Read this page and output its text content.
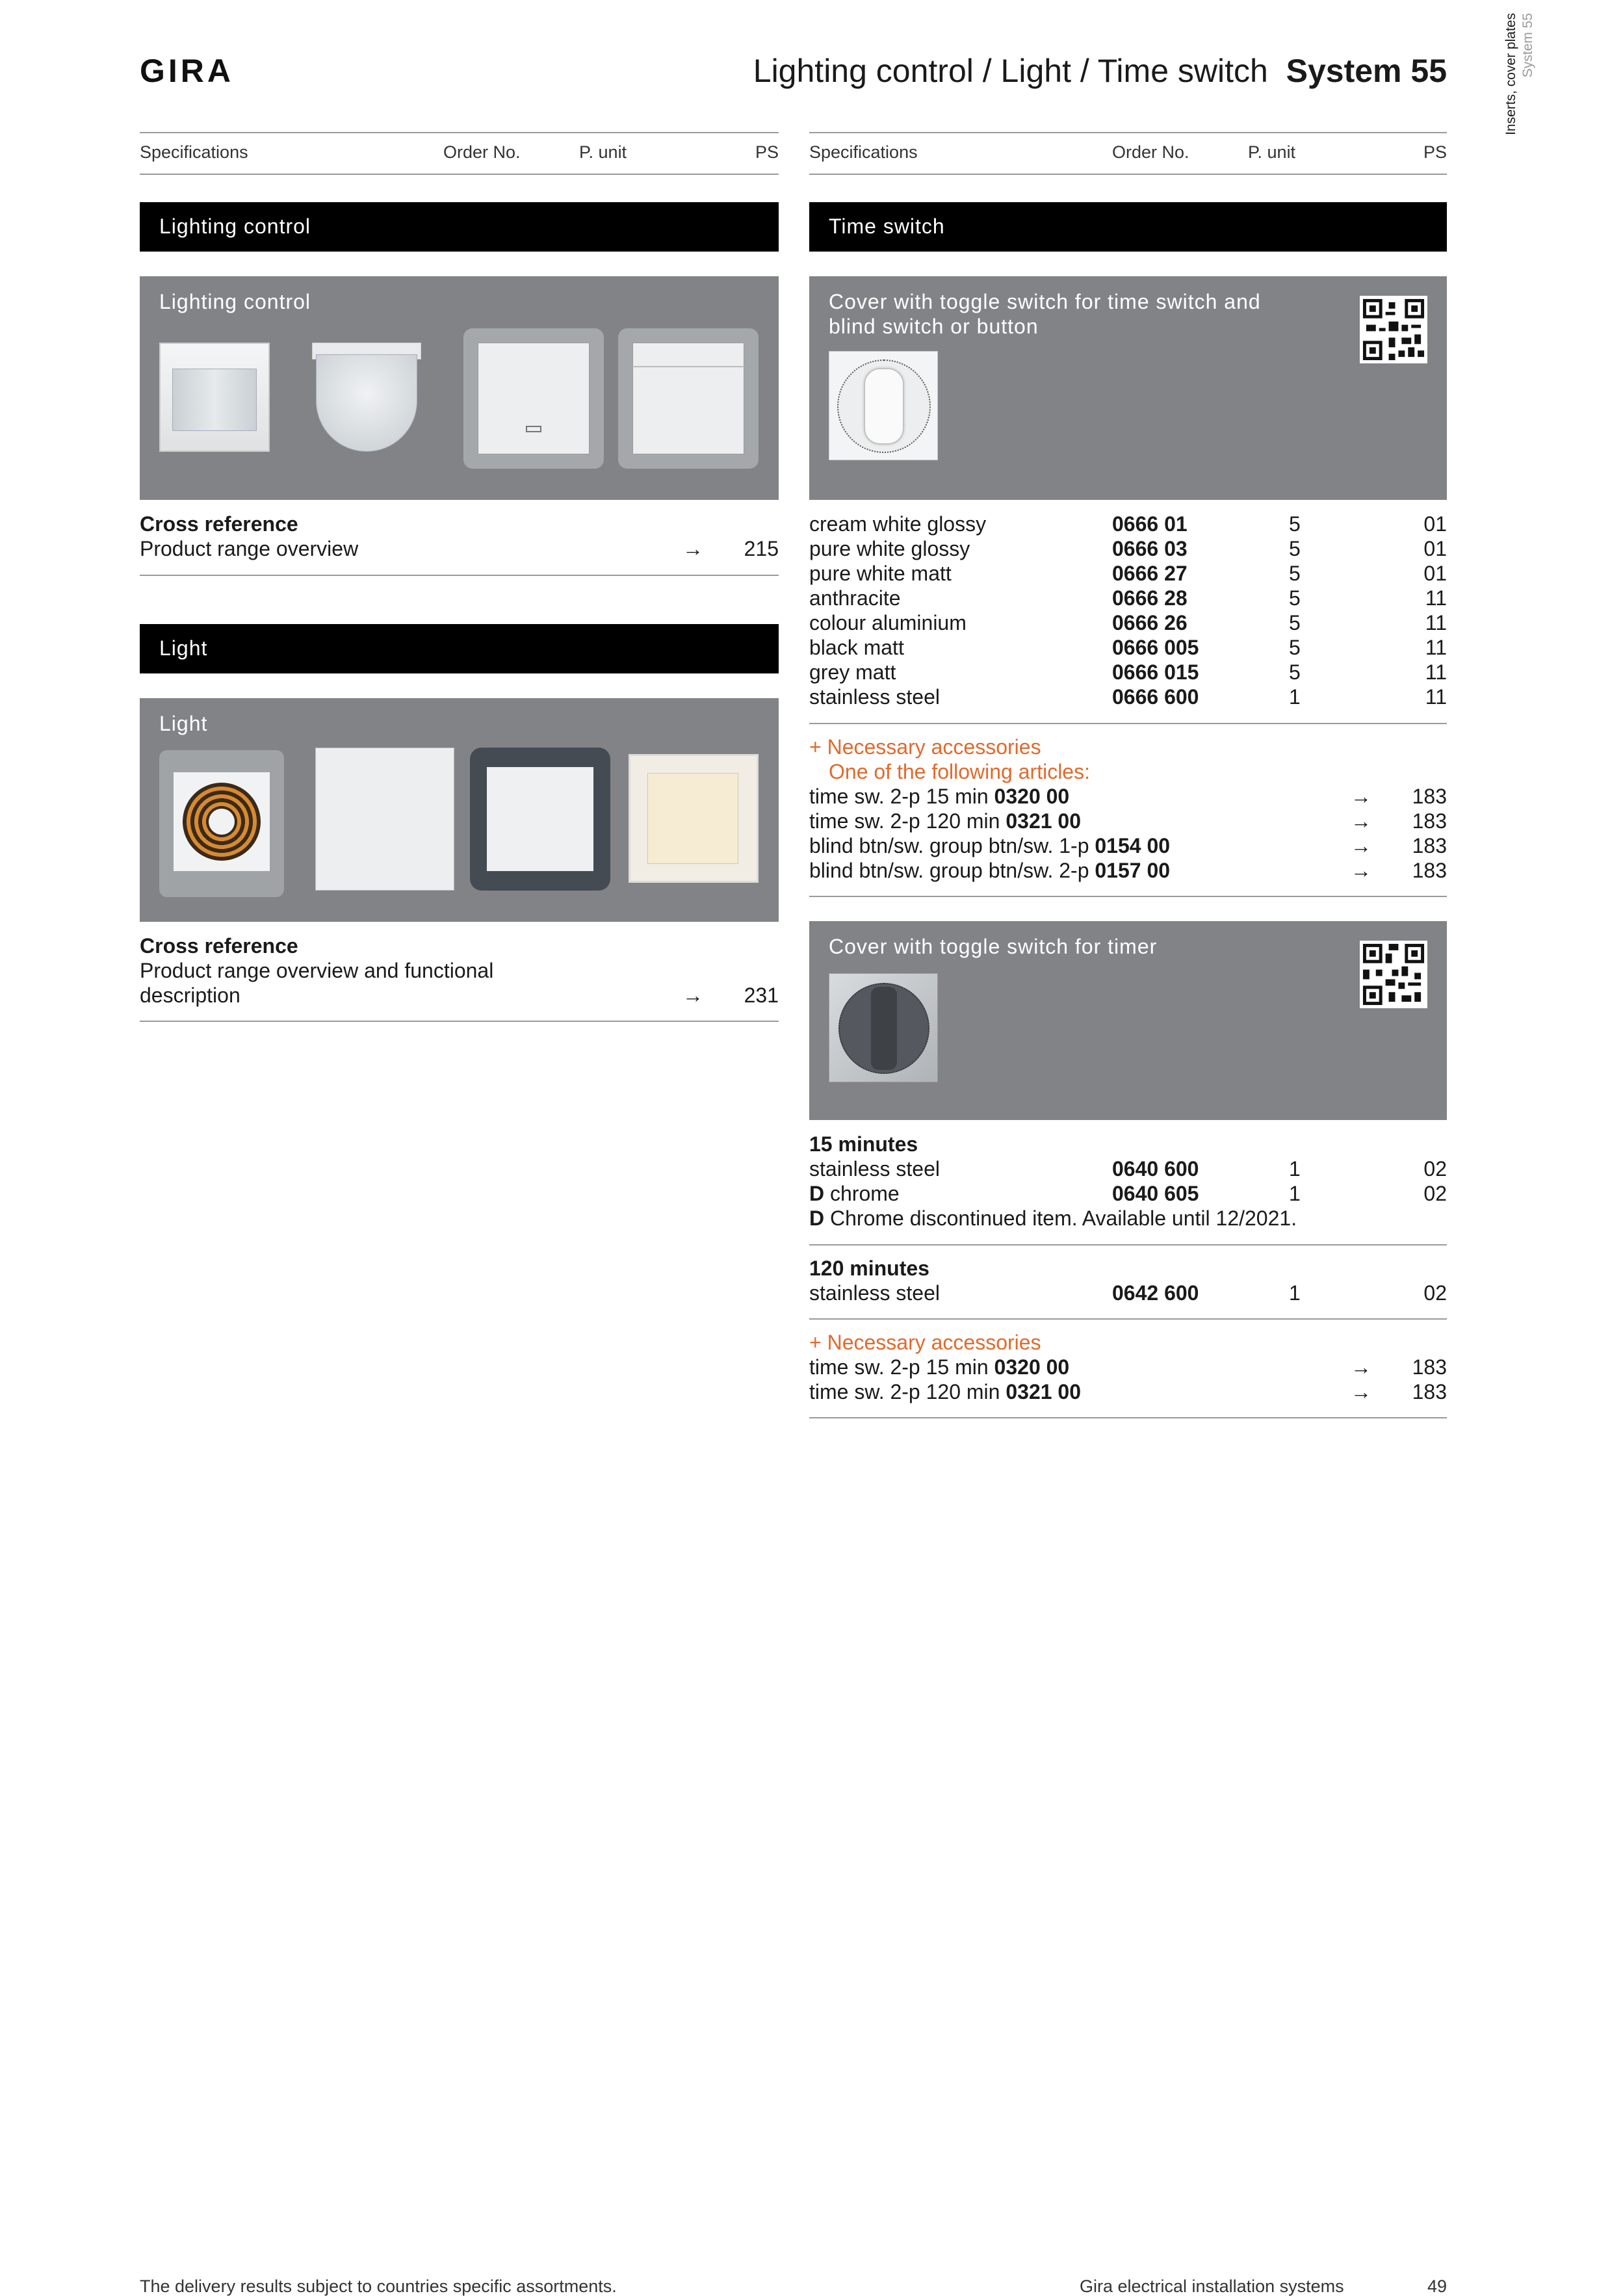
GIRA	Lighting control / Light / Time switch System 55	Inserts, cover plates System 55
Specifications	Order No.	P. unit	PS Specifications	Order No.	P. unit	PS
Lighting control
Lighting control
Cross reference
Product range overview	→ 215
Light
Light
Cross reference
Product range overview and functional
description	→ 231
Time switch
Cover with toggle switch for time switch and
blind switch or button
cream white glossy	0666 01	5	01
pure white glossy	0666 03	5	01
pure white matt	0666 27	5	01
anthracite	0666 28	5	11
colour aluminium	0666 26	5	11
black matt	0666 005	5	11
grey matt	0666 015	5	11
stainless steel	0666 600	1	11
+ Necessary accessories
One of the following articles:
time sw. 2-p 15 min 0320 00	→ 183
time sw. 2-p 120 min 0321 00	→ 183
blind btn/sw. group btn/sw. 1-p 0154 00	→ 183
blind btn/sw. group btn/sw. 2-p 0157 00	→ 183
Cover with toggle switch for timer
15 minutes
stainless steel	0640 600	1	02
D chrome	0640 605	1	02
D Chrome discontinued item. Available until 12/2021.
120 minutes
stainless steel	0642 600	1	02
+ Necessary accessories
time sw. 2-p 15 min 0320 00	→ 183
time sw. 2-p 120 min 0321 00	→ 183
The delivery results subject to countries specific assortments.	Gira electrical installation systems	49
